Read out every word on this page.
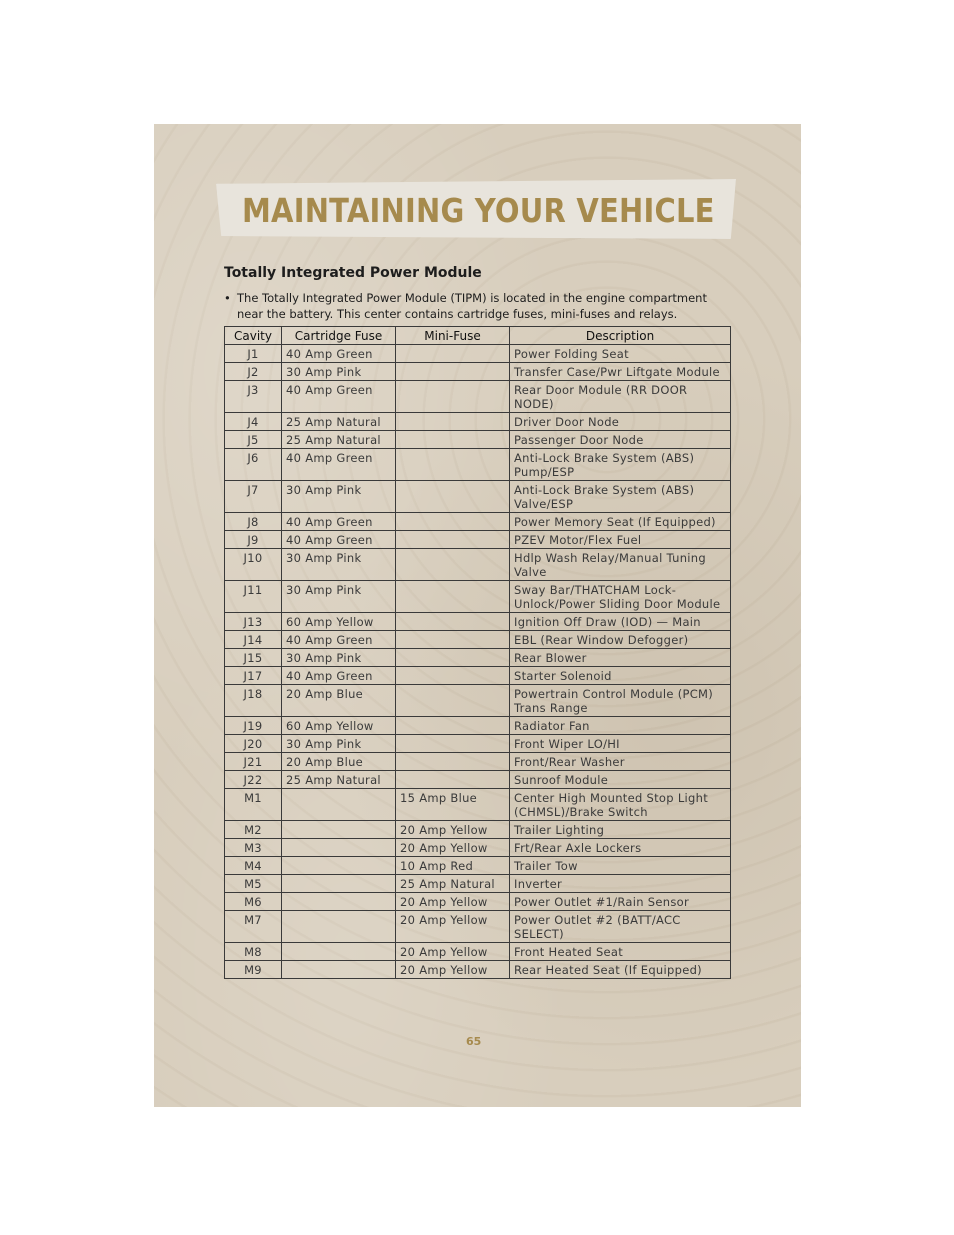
MAINTAINING YOUR VEHICLE
Totally Integrated Power Module
• The Totally Integrated Power Module (TIPM) is located in the engine compartment near the battery. This center contains cartridge fuses, mini-fuses and relays.
Cavity	Cartridge Fuse	Mini-Fuse	Description
J1	40 Amp Green		Power Folding Seat
J2	30 Amp Pink		Transfer Case/Pwr Liftgate Module
J3	40 Amp Green		Rear Door Module (RR DOOR NODE)
J4	25 Amp Natural		Driver Door Node
J5	25 Amp Natural		Passenger Door Node
J6	40 Amp Green		Anti-Lock Brake System (ABS) Pump/ESP
J7	30 Amp Pink		Anti-Lock Brake System (ABS) Valve/ESP
J8	40 Amp Green		Power Memory Seat (If Equipped)
J9	40 Amp Green		PZEV Motor/Flex Fuel
J10	30 Amp Pink		Hdlp Wash Relay/Manual Tuning Valve
J11	30 Amp Pink		Sway Bar/THATCHAM Lock-Unlock/Power Sliding Door Module
J13	60 Amp Yellow		Ignition Off Draw (IOD) — Main
J14	40 Amp Green		EBL (Rear Window Defogger)
J15	30 Amp Pink		Rear Blower
J17	40 Amp Green		Starter Solenoid
J18	20 Amp Blue		Powertrain Control Module (PCM) Trans Range
J19	60 Amp Yellow		Radiator Fan
J20	30 Amp Pink		Front Wiper LO/HI
J21	20 Amp Blue		Front/Rear Washer
J22	25 Amp Natural		Sunroof Module
M1		15 Amp Blue	Center High Mounted Stop Light (CHMSL)/Brake Switch
M2		20 Amp Yellow	Trailer Lighting
M3		20 Amp Yellow	Frt/Rear Axle Lockers
M4		10 Amp Red	Trailer Tow
M5		25 Amp Natural	Inverter
M6		20 Amp Yellow	Power Outlet #1/Rain Sensor
M7		20 Amp Yellow	Power Outlet #2 (BATT/ACC SELECT)
M8		20 Amp Yellow	Front Heated Seat
M9		20 Amp Yellow	Rear Heated Seat (If Equipped)
65
